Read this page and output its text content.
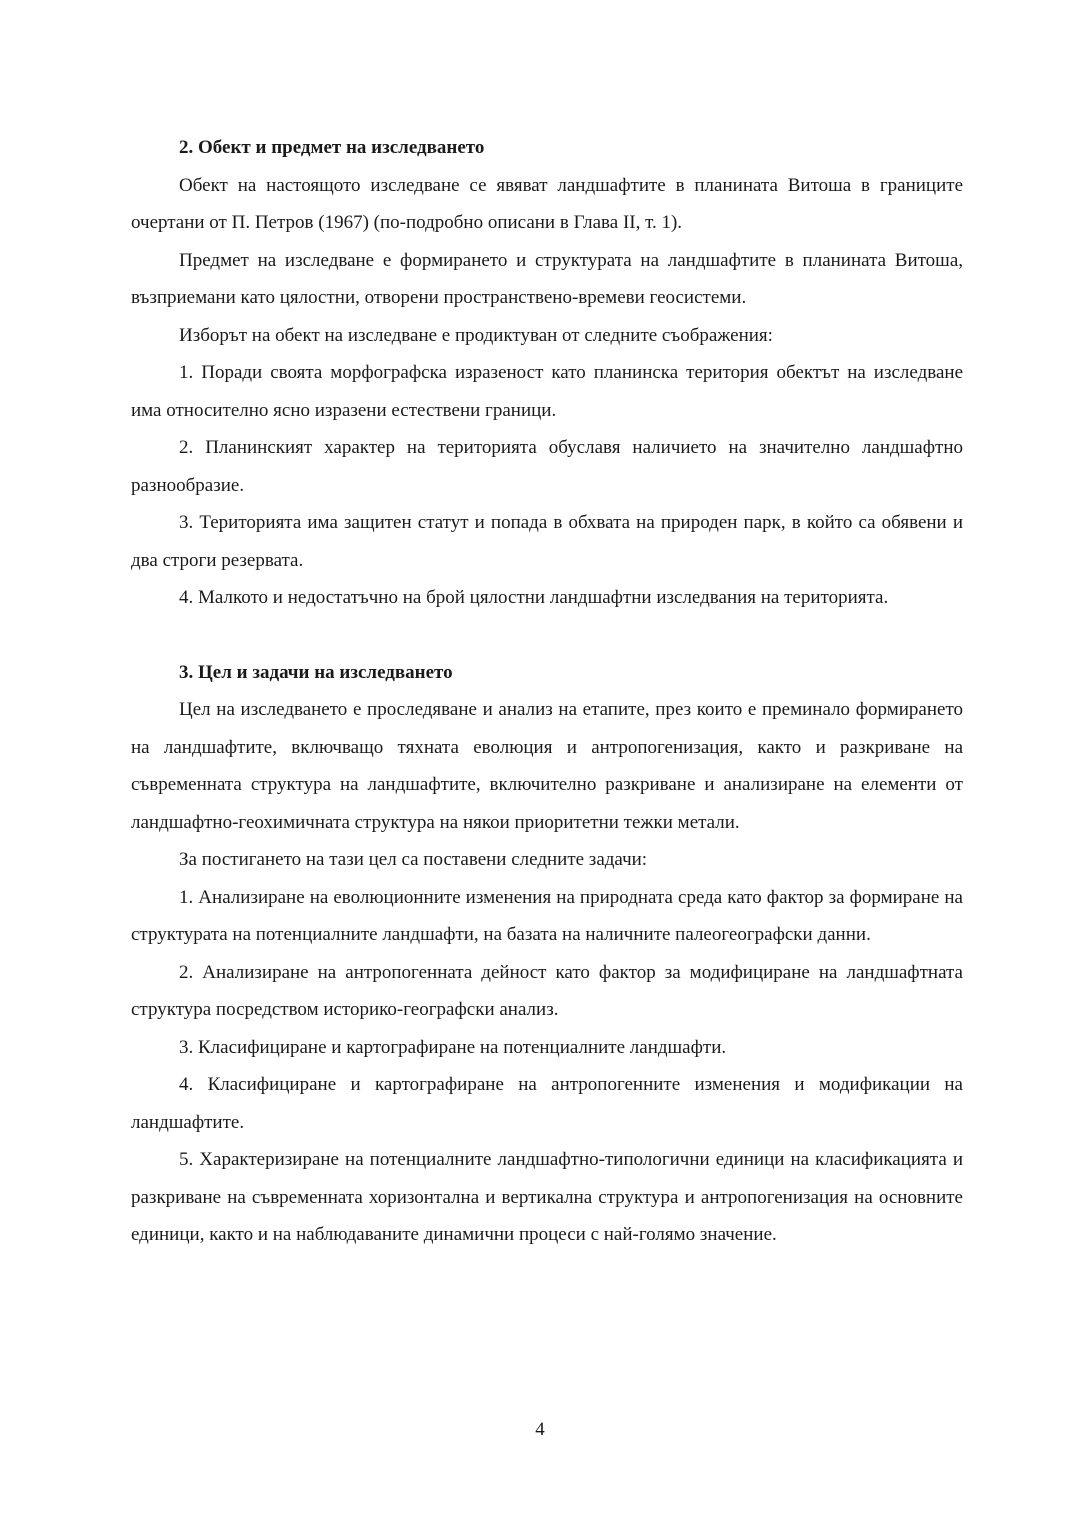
2. Обект и предмет на изследването

Обект на настоящото изследване се явяват ландшафтите в планината Витоша в границите очертани от П. Петров (1967) (по-подробно описани в Глава II, т. 1).

Предмет на изследване е формирането и структурата на ландшафтите в планината Витоша, възприемани като цялостни, отворени пространствено-времеви геосистеми.

Изборът на обект на изследване е продиктуван от следните съображения:

1. Поради своята морфографска изразеност като планинска територия обектът на изследване има относително ясно изразени естествени граници.

2. Планинският характер на територията обуславя наличието на значително ландшафтно разнообразие.

3. Територията има защитен статут и попада в обхвата на природен парк, в който са обявени и два строги резервата.

4. Малкото и недостатъчно на брой цялостни ландшафтни изследвания на територията.

3. Цел и задачи на изследването

Цел на изследването е проследяване и анализ на етапите, през които е преминало формирането на ландшафтите, включващо тяхната еволюция и антропогенизация, както и разкриване на съвременната структура на ландшафтите, включително разкриване и анализиране на елементи от ландшафтно-геохимичната структура на някои приоритетни тежки метали.

За постигането на тази цел са поставени следните задачи:

1. Анализиране на еволюционните изменения на природната среда като фактор за формиране на структурата на потенциалните ландшафти, на базата на наличните палеогеографски данни.

2. Анализиране на антропогенната дейност като фактор за модифициране на ландшафтната структура посредством историко-географски анализ.

3. Класифициране и картографиране на потенциалните ландшафти.

4. Класифициране и картографиране на антропогенните изменения и модификации на ландшафтите.

5. Характеризиране на потенциалните ландшафтно-типологични единици на класификацията и разкриване на съвременната хоризонтална и вертикална структура и антропогенизация на основните единици, както и на наблюдаваните динамични процеси с най-голямо значение.

4
